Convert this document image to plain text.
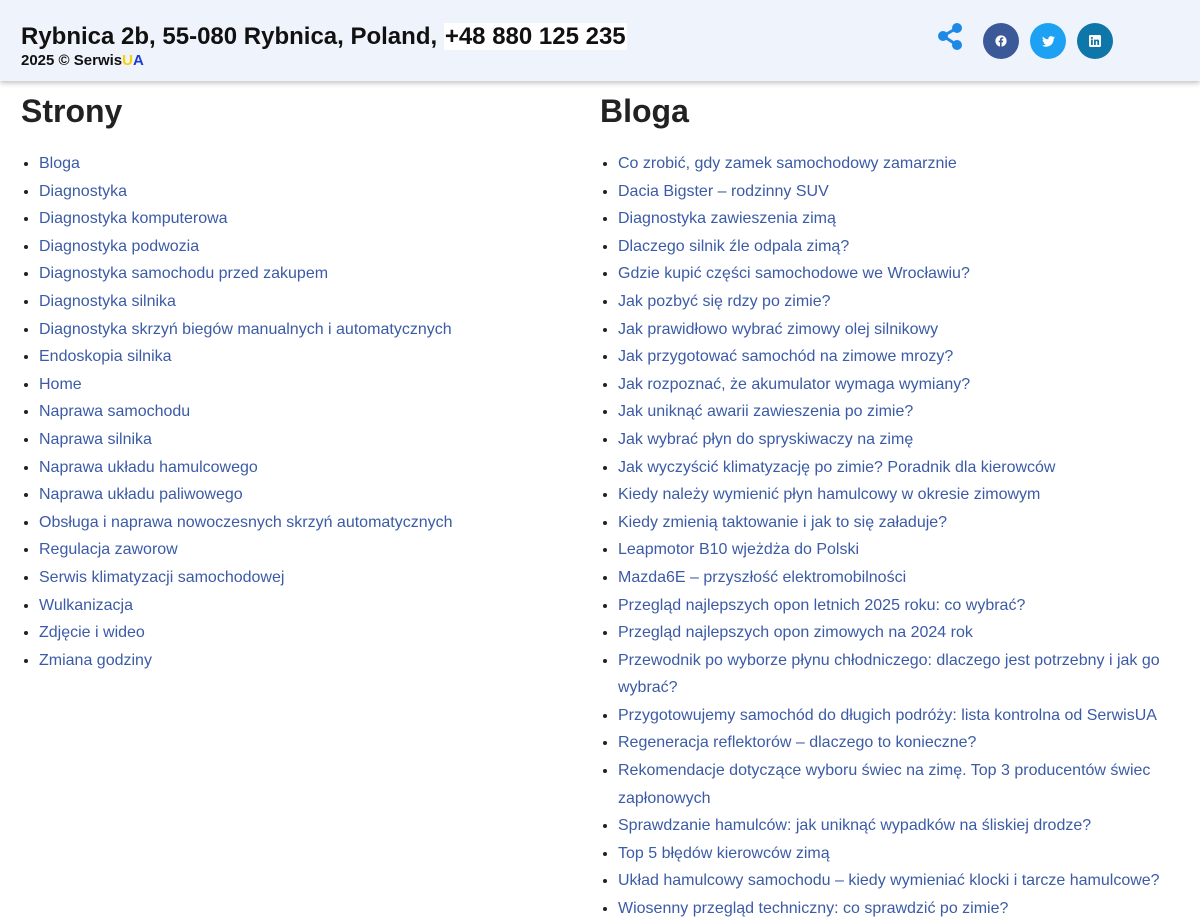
Rybnica 2b, 55-080 Rybnica, Poland, +48 880 125 235
2025 © SerwisUA
Strony
• Bloga
• Diagnostyka
• Diagnostyka komputerowa
• Diagnostyka podwozia
• Diagnostyka samochodu przed zakupem
• Diagnostyka silnika
• Diagnostyka skrzyń biegów manualnych i automatycznych
• Endoskopia silnika
• Home
• Naprawa samochodu
• Naprawa silnika
• Naprawa układu hamulcowego
• Naprawa układu paliwowego
• Obsługa i naprawa nowoczesnych skrzyń automatycznych
• Regulacja zaworow
• Serwis klimatyzacji samochodowej
• Wulkanizacja
• Zdjęcie i wideo
• Zmiana godziny
Bloga
• Co zrobić, gdy zamek samochodowy zamarznie
• Dacia Bigster – rodzinny SUV
• Diagnostyka zawieszenia zimą
• Dlaczego silnik źle odpala zimą?
• Gdzie kupić części samochodowe we Wrocławiu?
• Jak pozbyć się rdzy po zimie?
• Jak prawidłowo wybrać zimowy olej silnikowy
• Jak przygotować samochód na zimowe mrozy?
• Jak rozpoznać, że akumulator wymaga wymiany?
• Jak uniknąć awarii zawieszenia po zimie?
• Jak wybrać płyn do spryskiwaczy na zimę
• Jak wyczyścić klimatyzację po zimie? Poradnik dla kierowców
• Kiedy należy wymienić płyn hamulcowy w okresie zimowym
• Kiedy zmienią taktowanie i jak to się załaduje?
• Leapmotor B10 wjeżdża do Polski
• Mazda6E – przyszłość elektromobilności
• Przegląd najlepszych opon letnich 2025 roku: co wybrać?
• Przegląd najlepszych opon zimowych na 2024 rok
• Przewodnik po wyborze płynu chłodniczego: dlaczego jest potrzebny i jak go wybrać?
• Przygotowujemy samochód do długich podróży: lista kontrolna od SerwisUA
• Regeneracja reflektorów – dlaczego to konieczne?
• Rekomendacje dotyczące wyboru świec na zimę. Top 3 producentów świec zapłonowych
• Sprawdzanie hamulców: jak uniknąć wypadków na śliskiej drodze?
• Top 5 błędów kierowców zimą
• Układ hamulcowy samochodu – kiedy wymieniać klocki i tarcze hamulcowe?
• Wiosenny przegląd techniczny: co sprawdzić po zimie?
